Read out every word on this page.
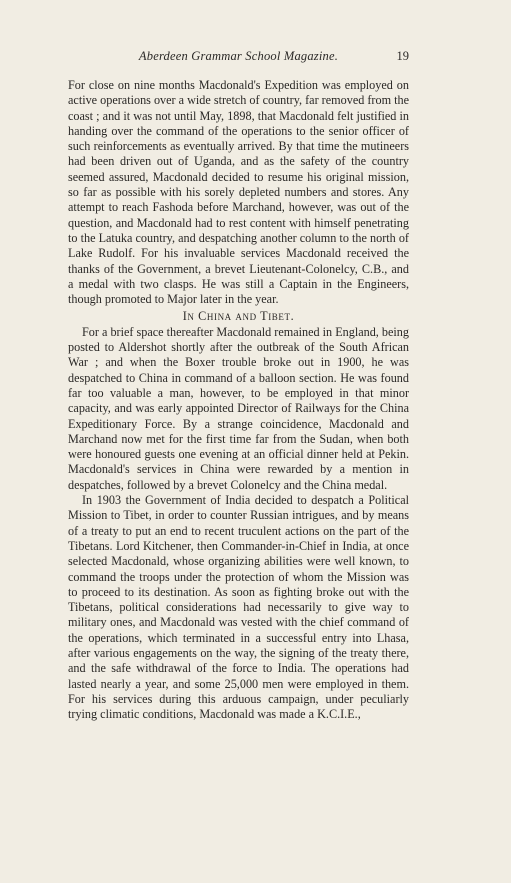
Aberdeen Grammar School Magazine.	19

For close on nine months Macdonald's Expedition was employed on active operations over a wide stretch of country, far removed from the coast ; and it was not until May, 1898, that Macdonald felt justified in handing over the command of the operations to the senior officer of such reinforcements as eventually arrived. By that time the mutineers had been driven out of Uganda, and as the safety of the country seemed assured, Macdonald decided to resume his original mission, so far as possible with his sorely depleted numbers and stores. Any attempt to reach Fashoda before Marchand, however, was out of the question, and Macdonald had to rest content with himself penetrating to the Latuka country, and despatching another column to the north of Lake Rudolf. For his invaluable services Macdonald received the thanks of the Government, a brevet Lieutenant-Colonelcy, C.B., and a medal with two clasps. He was still a Captain in the Engineers, though promoted to Major later in the year.

In China and Tibet.

For a brief space thereafter Macdonald remained in England, being posted to Aldershot shortly after the outbreak of the South African War ; and when the Boxer trouble broke out in 1900, he was despatched to China in command of a balloon section. He was found far too valuable a man, however, to be employed in that minor capacity, and was early appointed Director of Railways for the China Expeditionary Force. By a strange coincidence, Macdonald and Marchand now met for the first time far from the Sudan, when both were honoured guests one evening at an official dinner held at Pekin. Macdonald's services in China were rewarded by a mention in despatches, followed by a brevet Colonelcy and the China medal.

In 1903 the Government of India decided to despatch a Political Mission to Tibet, in order to counter Russian intrigues, and by means of a treaty to put an end to recent truculent actions on the part of the Tibetans. Lord Kitchener, then Commander-in-Chief in India, at once selected Macdonald, whose organizing abilities were well known, to command the troops under the protection of whom the Mission was to proceed to its destination. As soon as fighting broke out with the Tibetans, political considerations had necessarily to give way to military ones, and Macdonald was vested with the chief command of the operations, which terminated in a successful entry into Lhasa, after various engagements on the way, the signing of the treaty there, and the safe withdrawal of the force to India. The operations had lasted nearly a year, and some 25,000 men were employed in them. For his services during this arduous campaign, under peculiarly trying climatic conditions, Macdonald was made a K.C.I.E.,
